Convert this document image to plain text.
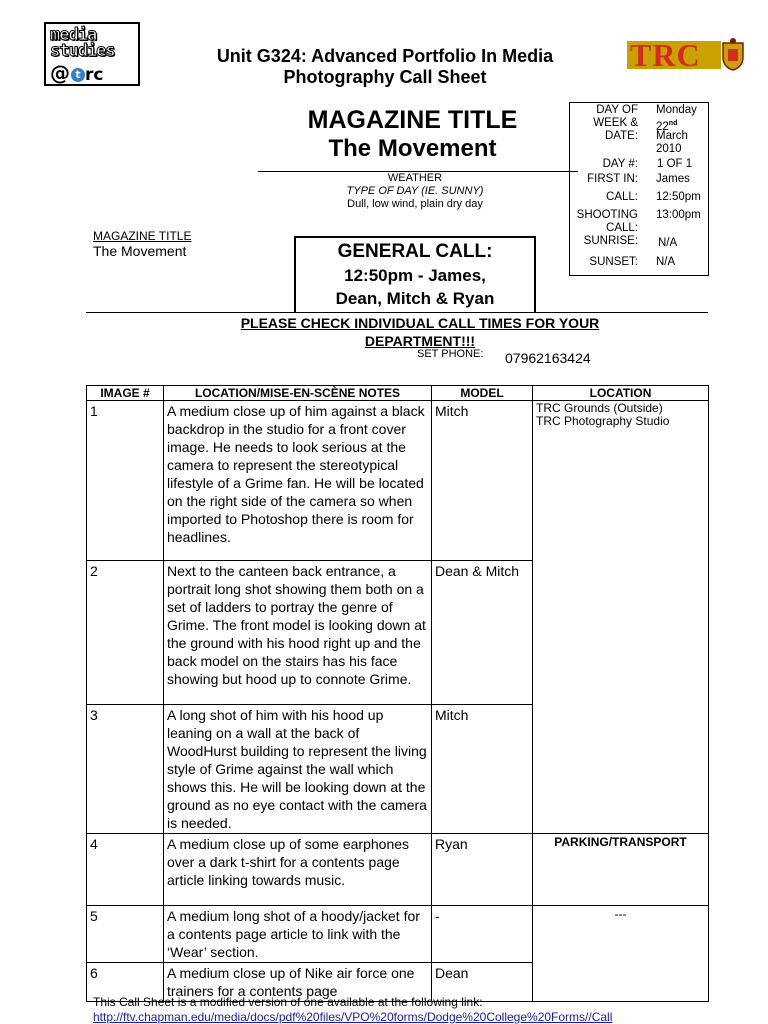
media
studies
@ t rc
TRC
Unit G324: Advanced Portfolio In Media
Photography Call Sheet
MAGAZINE TITLE
The Movement
WEATHER
TYPE OF DAY (IE. SUNNY)
Dull, low wind, plain dry day
MAGAZINE TITLE
The Movement
DAY OF
WEEK &
DATE:
Monday
22nd
March
2010
DAY #: 1 OF 1
FIRST IN: James
CALL: 12:50pm
SHOOTING
CALL:
13:00pm
SUNRISE: N/A
SUNSET: N/A
GENERAL CALL:
12:50pm - James,
Dean, Mitch & Ryan
PLEASE CHECK INDIVIDUAL CALL TIMES FOR YOUR
DEPARTMENT!!!
SET PHONE: 07962163424
IMAGE #	LOCATION/MISE-EN-SCÈNE NOTES	MODEL	LOCATION
1	A medium close up of him against a black backdrop in the studio for a front cover image. He needs to look serious at the camera to represent the stereotypical lifestyle of a Grime fan. He will be located on the right side of the camera so when imported to Photoshop there is room for headlines.	Mitch	TRC Grounds (Outside)
TRC Photography Studio

2	Next to the canteen back entrance, a portrait long shot showing them both on a set of ladders to portray the genre of Grime. The front model is looking down at the ground with his hood right up and the back model on the stairs has his face showing but hood up to connote Grime.	Dean & Mitch	
3	A long shot of him with his hood up leaning on a wall at the back of WoodHurst building to represent the living style of Grime against the wall which shows this. He will be looking down at the ground as no eye contact with the camera is needed.	Mitch	
4	A medium close up of some earphones over a dark t-shirt for a contents page article linking towards music.	Ryan	PARKING/TRANSPORT
5	A medium long shot of a hoody/jacket for a contents page article to link with the ‘Wear’ section.	-	---
6	A medium close up of Nike air force one trainers for a contents page	Dean	
This Call Sheet is a modified version of one available at the following link:
http://ftv.chapman.edu/media/docs/pdf%20files/VPO%20forms/Dodge%20College%20Forms//Call
